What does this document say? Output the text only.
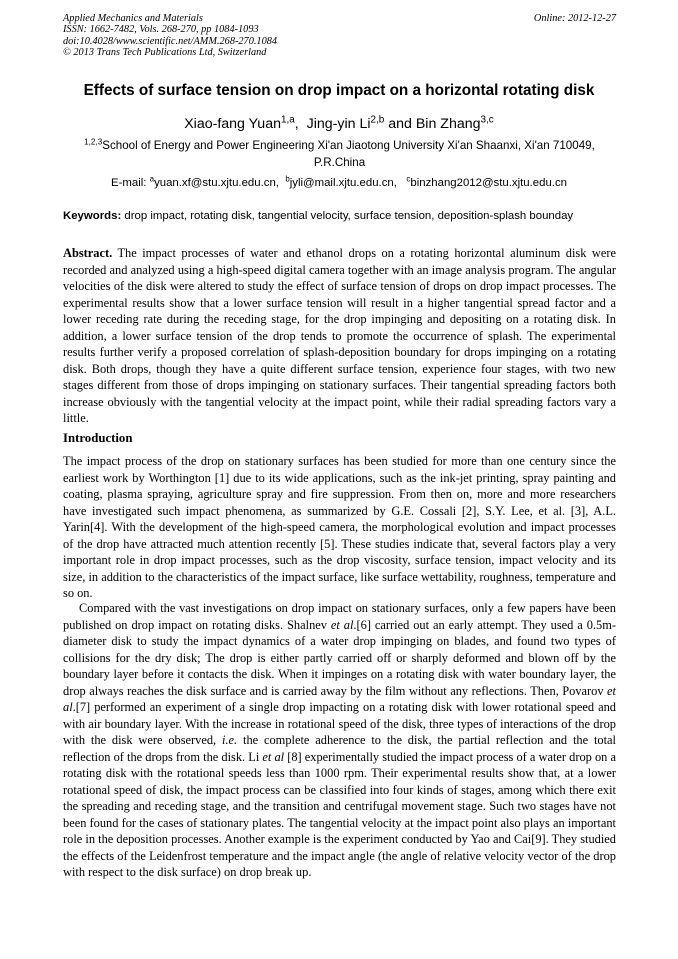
Applied Mechanics and Materials	Online: 2012-12-27
ISSN: 1662-7482, Vols. 268-270, pp 1084-1093
doi:10.4028/www.scientific.net/AMM.268-270.1084
© 2013 Trans Tech Publications Ltd, Switzerland
Effects of surface tension on drop impact on a horizontal rotating disk
Xiao-fang Yuan$^{1,a}$,  Jing-yin Li$^{2,b}$ and Bin Zhang$^{3,c}$
$^{1,2,3}$School of Energy and Power Engineering Xi'an Jiaotong University Xi'an Shaanxi, Xi'an 710049, P.R.China
E-mail: $^a$yuan.xf@stu.xjtu.edu.cn, $^b$jyli@mail.xjtu.edu.cn, $^c$binzhang2012@stu.xjtu.edu.cn
Keywords: drop impact, rotating disk, tangential velocity, surface tension, deposition-splash bounday

Abstract. The impact processes of water and ethanol drops on a rotating horizontal aluminum disk were recorded and analyzed using a high-speed digital camera together with an image analysis program. The angular velocities of the disk were altered to study the effect of surface tension of drops on drop impact processes. The experimental results show that a lower surface tension will result in a higher tangential spread factor and a lower receding rate during the receding stage, for the drop impinging and depositing on a rotating disk. In addition, a lower surface tension of the drop tends to promote the occurrence of splash. The experimental results further verify a proposed correlation of splash-deposition boundary for drops impinging on a rotating disk. Both drops, though they have a quite different surface tension, experience four stages, with two new stages different from those of drops impinging on stationary surfaces. Their tangential spreading factors both increase obviously with the tangential velocity at the impact point, while their radial spreading factors vary a little.

Introduction

The impact process of the drop on stationary surfaces has been studied for more than one century since the earliest work by Worthington [1] due to its wide applications, such as the ink-jet printing, spray painting and coating, plasma spraying, agriculture spray and fire suppression. From then on, more and more researchers have investigated such impact phenomena, as summarized by G.E. Cossali [2], S.Y. Lee, et al. [3], A.L. Yarin[4]. With the development of the high-speed camera, the morphological evolution and impact processes of the drop have attracted much attention recently [5]. These studies indicate that, several factors play a very important role in drop impact processes, such as the drop viscosity, surface tension, impact velocity and its size, in addition to the characteristics of the impact surface, like surface wettability, roughness, temperature and so on.

Compared with the vast investigations on drop impact on stationary surfaces, only a few papers have been published on drop impact on rotating disks. Shalnev et al.[6] carried out an early attempt. They used a 0.5m-diameter disk to study the impact dynamics of a water drop impinging on blades, and found two types of collisions for the dry disk; The drop is either partly carried off or sharply deformed and blown off by the boundary layer before it contacts the disk. When it impinges on a rotating disk with water boundary layer, the drop always reaches the disk surface and is carried away by the film without any reflections. Then, Povarov et al.[7] performed an experiment of a single drop impacting on a rotating disk with lower rotational speed and with air boundary layer. With the increase in rotational speed of the disk, three types of interactions of the drop with the disk were observed, i.e. the complete adherence to the disk, the partial reflection and the total reflection of the drops from the disk. Li et al [8] experimentally studied the impact process of a water drop on a rotating disk with the rotational speeds less than 1000 rpm. Their experimental results show that, at a lower rotational speed of disk, the impact process can be classified into four kinds of stages, among which there exit the spreading and receding stage, and the transition and centrifugal movement stage. Such two stages have not been found for the cases of stationary plates. The tangential velocity at the impact point also plays an important role in the deposition processes. Another example is the experiment conducted by Yao and Cai[9]. They studied the effects of the Leidenfrost temperature and the impact angle (the angle of relative velocity vector of the drop with respect to the disk surface) on drop break up.
